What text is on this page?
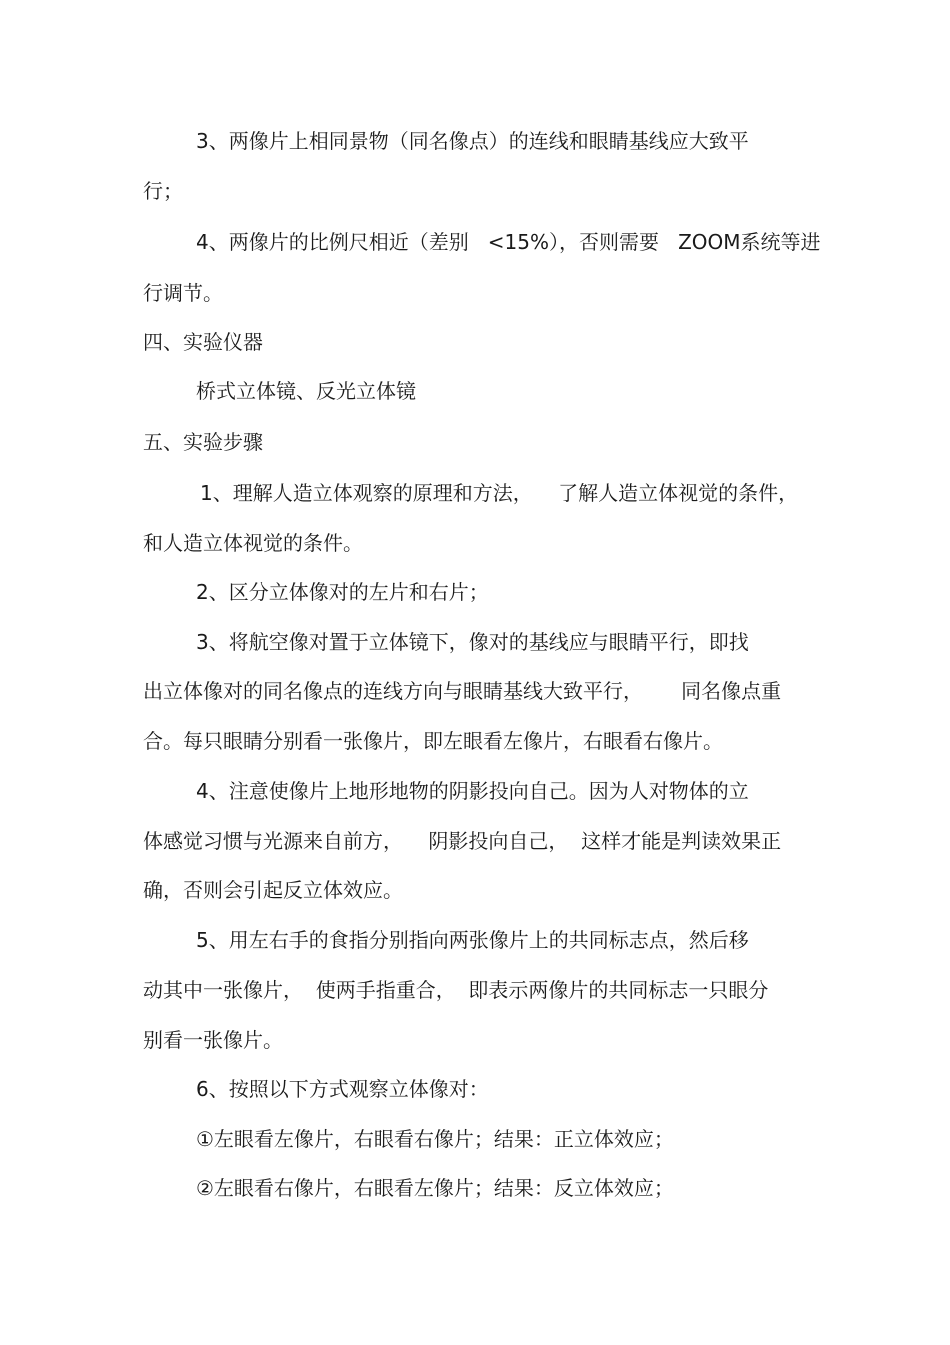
3、两像片上相同景物（同名像点）的连线和眼睛基线应大致平
行；
4、两像片的比例尺相近（差别   <15%），否则需要   ZOOM系统等进
行调节。
四、实验仪器
桥式立体镜、反光立体镜
五、实验步骤
1、理解人造立体观察的原理和方法，    了解人造立体视觉的条件，
和人造立体视觉的条件。
2、区分立体像对的左片和右片；
3、将航空像对置于立体镜下，像对的基线应与眼睛平行，即找
出立体像对的同名像点的连线方向与眼睛基线大致平行，      同名像点重
合。每只眼睛分别看一张像片，即左眼看左像片，右眼看右像片。
4、注意使像片上地形地物的阴影投向自己。因为人对物体的立
体感觉习惯与光源来自前方，    阴影投向自己，  这样才能是判读效果正
确，否则会引起反立体效应。
5、用左右手的食指分别指向两张像片上的共同标志点，然后移
动其中一张像片，  使两手指重合，  即表示两像片的共同标志一只眼分
别看一张像片。
6、按照以下方式观察立体像对：
①左眼看左像片，右眼看右像片；结果：正立体效应；
②左眼看右像片，右眼看左像片；结果：反立体效应；
